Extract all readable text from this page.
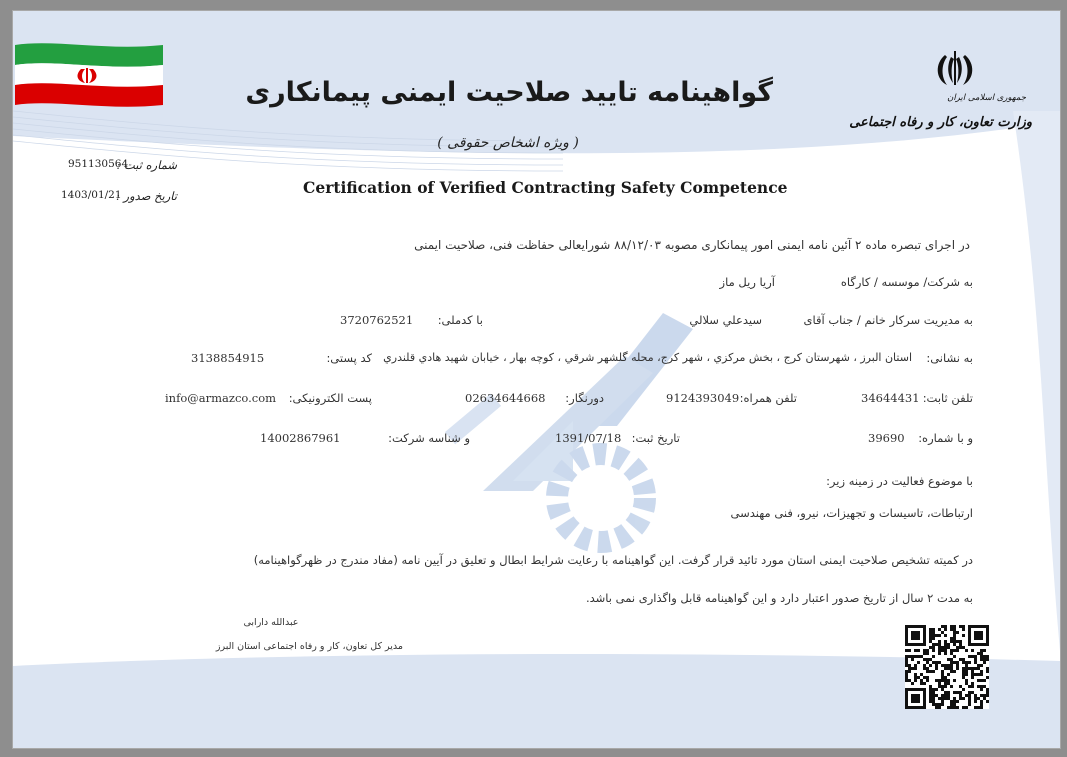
جمهوری اسلامی ایران
وزارت تعاون، کار و رفاه اجتماعی
گواهینامه تایید صلاحیت ایمنی پیمانکاری
( ویژه اشخاص حقوقی )
Certification of Verified Contracting Safety Competence
شماره ثبت :
951130564
تاریخ صدور :
1403/01/21
در اجرای تبصره ماده ۲ آئین نامه ایمنی امور پیمانکاری مصوبه ۸۸/۱۲/۰۳ شورایعالی حفاظت فنی، صلاحیت ایمنی
به شرکت/ موسسه / کارگاه
آریا ریل ماز
به مدیریت سرکار خانم / جناب آقای
سیدعلي سلالي
با کدملی:
3720762521
به نشانی:
استان البرز ، شهرستان کرج ، بخش مرکزي ، شهر کرج، محله گلشهر شرقي ، کوچه بهار ، خيابان شهيد هادي قلندري
کد پستی:
3138854915
تلفن ثابت:
34644431
تلفن همراه:
9124393049
دورنگار:
02634644668
پست الکترونیکی:
info@armazco.com
و با شماره:
39690
تاریخ ثبت:
1391/07/18
و شناسه شرکت:
14002867961
با موضوع فعالیت در زمینه زیر:
ارتباطات، تاسیسات و تجهیزات، نیرو، فنی مهندسی
در کمیته تشخیص صلاحیت ایمنی استان مورد تائید قرار گرفت. این گواهینامه با رعایت شرایط ابطال و تعلیق در آیین نامه (مفاد مندرج در ظهرگواهینامه)
به مدت ۲ سال از تاریخ صدور اعتبار دارد و این گواهینامه قابل واگذاری نمی باشد.
عبدالله دارابی
مدیر کل تعاون، کار و رفاه اجتماعی استان البرز
